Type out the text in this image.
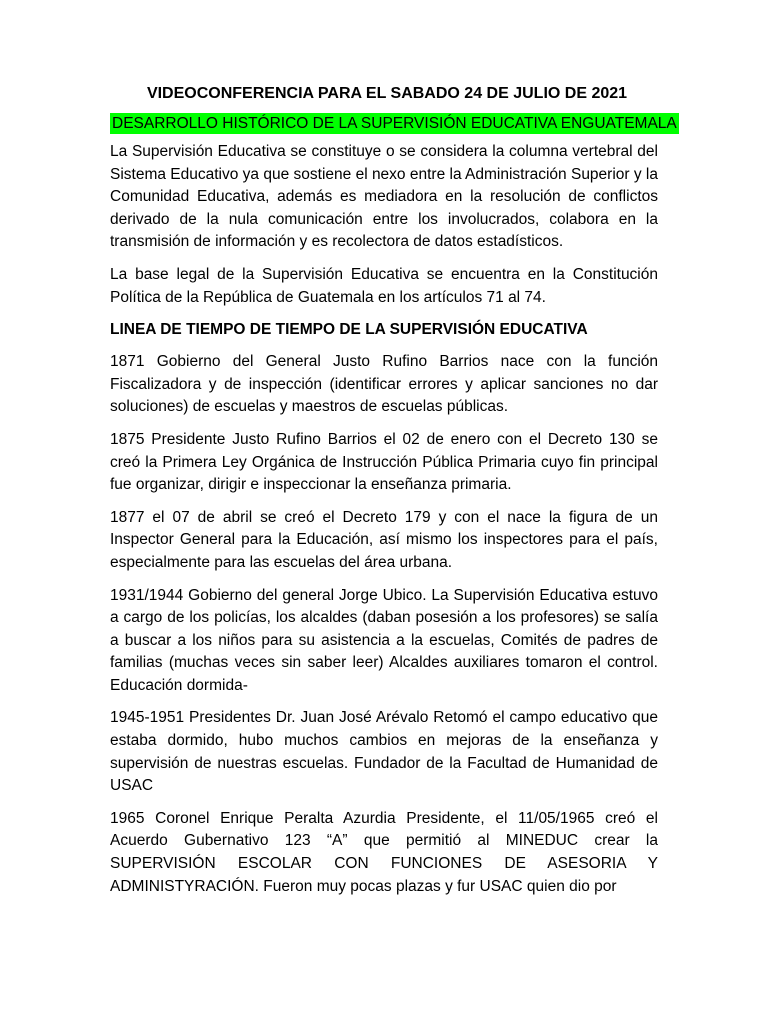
VIDEOCONFERENCIA PARA EL SABADO 24 DE JULIO DE 2021
DESARROLLO HISTÓRICO DE LA SUPERVISIÓN EDUCATIVA ENGUATEMALA

La Supervisión Educativa se constituye o se considera la columna vertebral del Sistema Educativo ya que sostiene el nexo entre la Administración Superior y la Comunidad Educativa, además es mediadora en la resolución de conflictos derivado de la nula comunicación entre los involucrados, colabora en la transmisión de información y es recolectora de datos estadísticos.

La base legal de la Supervisión Educativa se encuentra en la Constitución Política de la República de Guatemala en los artículos 71 al 74.

LINEA DE TIEMPO DE TIEMPO DE LA SUPERVISIÓN EDUCATIVA

1871 Gobierno del General Justo Rufino Barrios nace con la función Fiscalizadora y de inspección (identificar errores y aplicar sanciones no dar soluciones) de escuelas y maestros de escuelas públicas.

1875 Presidente Justo Rufino Barrios el 02 de enero con el Decreto 130 se creó la Primera Ley Orgánica de Instrucción Pública Primaria cuyo fin principal fue organizar, dirigir e inspeccionar la enseñanza primaria.

1877 el 07 de abril se creó el Decreto 179 y con el nace la figura de un Inspector General para la Educación, así mismo los inspectores para el país, especialmente para las escuelas del área urbana.

1931/1944 Gobierno del general Jorge Ubico. La Supervisión Educativa estuvo a cargo de los policías, los alcaldes (daban posesión a los profesores) se salía a buscar a los niños para su asistencia a la escuelas, Comités de padres de familias (muchas veces sin saber leer) Alcaldes auxiliares tomaron el control. Educación dormida-

1945-1951 Presidentes Dr. Juan José Arévalo Retomó el campo educativo que estaba dormido, hubo muchos cambios en mejoras de la enseñanza y supervisión de nuestras escuelas. Fundador de la Facultad de Humanidad de USAC

1965 Coronel Enrique Peralta Azurdia Presidente, el 11/05/1965 creó el Acuerdo Gubernativo 123 “A” que permitió al MINEDUC crear la SUPERVISIÓN ESCOLAR CON FUNCIONES DE ASESORIA Y ADMINISTYRACIÓN. Fueron muy pocas plazas y fur USAC quien dio por
